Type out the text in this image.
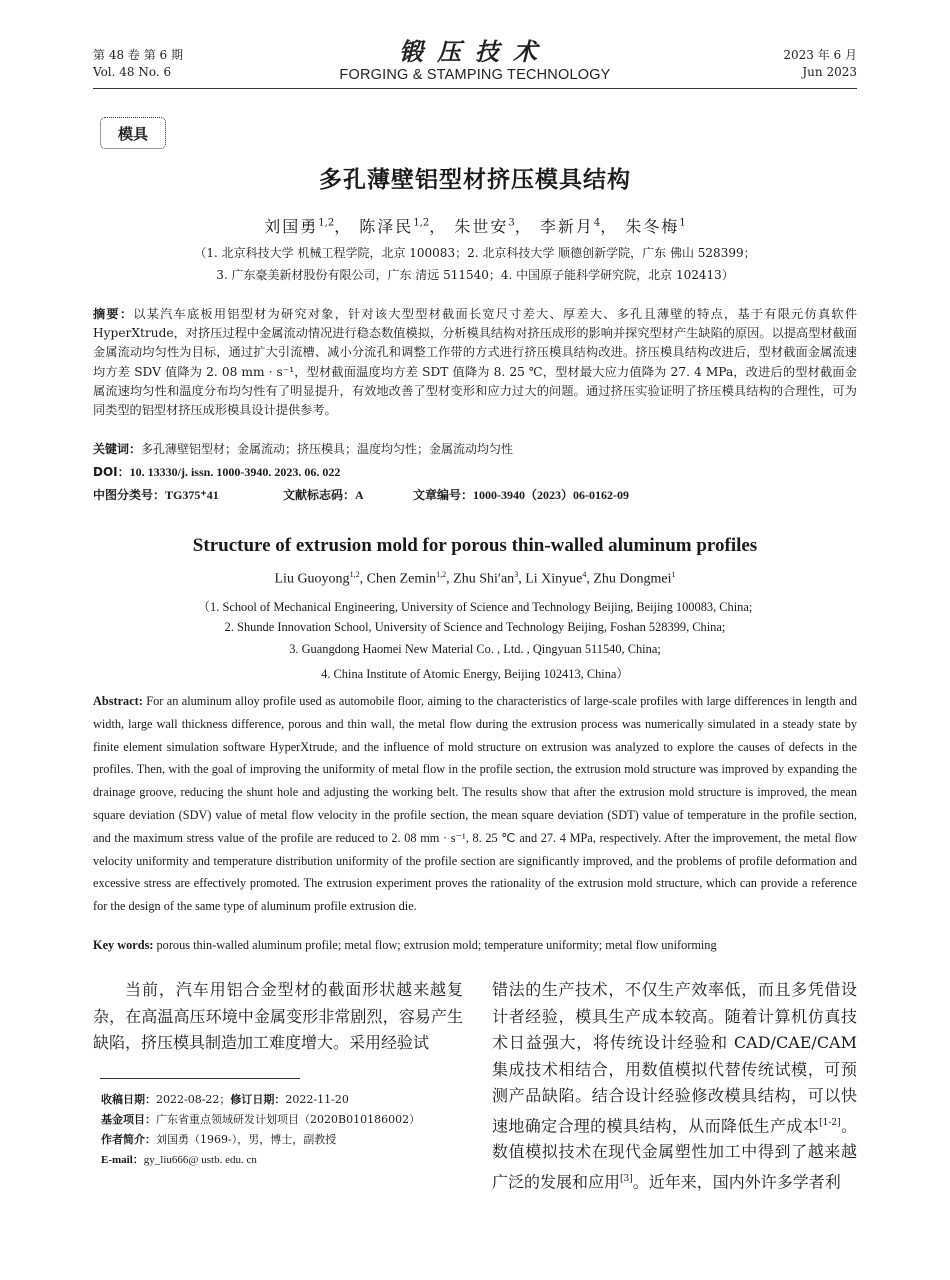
第 48 卷 第 6 期
Vol. 48 No. 6
锻压技术
FORGING & STAMPING TECHNOLOGY
2023 年 6 月
Jun 2023
模具
多孔薄壁铝型材挤压模具结构
刘国勇$^{1,2}$， 陈泽民$^{1,2}$， 朱世安$^3$， 李新月$^4$， 朱冬梅$^1$
（1. 北京科技大学 机械工程学院，北京 100083；2. 北京科技大学 顺德创新学院，广东 佛山 528399；
3. 广东豪美新材股份有限公司，广东 清远 511540；4. 中国原子能科学研究院，北京 102413）
摘要：以某汽车底板用铝型材为研究对象，针对该大型型材截面长宽尺寸差大、厚差大、多孔且薄壁的特点，基于有限元仿真软件 HyperXtrude，对挤压过程中金属流动情况进行稳态数值模拟，分析模具结构对挤压成形的影响并探究型材产生缺陷的原因。以提高型材截面金属流动均匀性为目标，通过扩大引流槽、减小分流孔和调整工作带的方式进行挤压模具结构改进。挤压模具结构改进后，型材截面金属流速均方差 SDV 值降为 2. 08 mm · s⁻¹，型材截面温度均方差 SDT 值降为 8. 25 ℃，型材最大应力值降为 27. 4 MPa，改进后的型材截面金属流速均匀性和温度分布均匀性有了明显提升，有效地改善了型材变形和应力过大的问题。通过挤压实验证明了挤压模具结构的合理性，可为同类型的铝型材挤压成形模具设计提供参考。
关键词：多孔薄壁铝型材；金属流动；挤压模具；温度均匀性；金属流动均匀性
DOI：10. 13330/j. issn. 1000-3940. 2023. 06. 022
中图分类号：TG375⁺41	文献标志码：A	文章编号：1000-3940（2023）06-0162-09
Structure of extrusion mold for porous thin-walled aluminum profiles
Liu Guoyong$^{1,2}$, Chen Zemin$^{1,2}$, Zhu $Shi'an^3$, Li Xinyue$^4$, Zhu Dongmei$^1$
（1. School of Mechanical Engineering, University of Science and Technology Beijing, Beijing 100083, China;
2. Shunde Innovation School, University of Science and Technology Beijing, Foshan 528399, China;
3. Guangdong Haomei New Material Co. , Ltd. , Qingyuan 511540, China;
4. China Institute of Atomic Energy, Beijing 102413, China）
Abstract: For an aluminum alloy profile used as automobile floor, aiming to the characteristics of large-scale profiles with large differences in length and width, large wall thickness difference, porous and thin wall, the metal flow during the extrusion process was numerically simulated in a steady state by finite element simulation software HyperXtrude, and the influence of mold structure on extrusion was analyzed to explore the causes of defects in the profiles. Then, with the goal of improving the uniformity of metal flow in the profile section, the extrusion mold structure was improved by expanding the drainage groove, reducing the shunt hole and adjusting the working belt. The results show that after the extrusion mold structure is improved, the mean square deviation (SDV) value of metal flow velocity in the profile section, the mean square deviation (SDT) value of temperature in the profile section, and the maximum stress value of the profile are reduced to 2. 08 mm · s⁻¹, 8. 25 ℃ and 27. 4 MPa, respectively. After the improvement, the metal flow velocity uniformity and temperature distribution uniformity of the profile section are significantly improved, and the problems of profile deformation and excessive stress are effectively promoted. The extrusion experiment proves the rationality of the extrusion mold structure, which can provide a reference for the design of the same type of aluminum profile extrusion die.
Key words: porous thin-walled aluminum profile; metal flow; extrusion mold; temperature uniformity; metal flow uniforming
当前，汽车用铝合金型材的截面形状越来越复杂，在高温高压环境中金属变形非常剧烈，容易产生缺陷，挤压模具制造加工难度增大。采用经验试
错法的生产技术，不仅生产效率低，而且多凭借设计者经验，模具生产成本较高。随着计算机仿真技术日益强大，将传统设计经验和 CAD/CAE/CAM 集成技术相结合，用数值模拟代替传统试模，可预测产品缺陷。结合设计经验修改模具结构，可以快速地确定合理的模具结构，从而降低生产成本[1-2]。数值模拟技术在现代金属塑性加工中得到了越来越广泛的发展和应用[3]。近年来，国内外许多学者利
收稿日期：2022-08-22；修订日期：2022-11-20
基金项目：广东省重点领域研发计划项目（2020B010186002）
作者简介：刘国勇（1969-），男，博士，副教授
E-mail：gy_liu666@ ustb. edu. cn
